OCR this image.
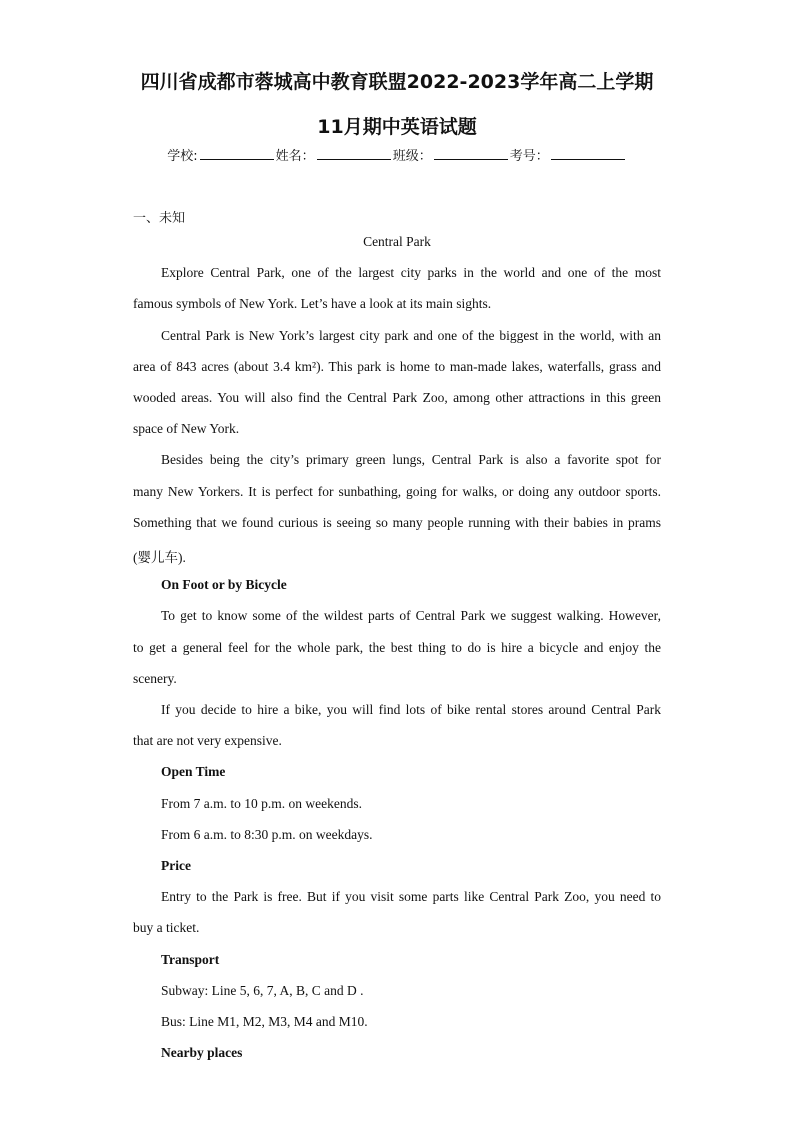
四川省成都市蓉城高中教育联盟2022-2023学年高二上学期
11月期中英语试题
学校:	姓名：	班级：	考号：
一、未知
Central Park
Explore Central Park, one of the largest city parks in the world and one of the most
famous symbols of New York. Let’s have a look at its main sights.
Central Park is New York’s largest city park and one of the biggest in the world, with an
area of 843 acres (about 3.4 km²). This park is home to man-made lakes, waterfalls, grass and
wooded areas. You will also find the Central Park Zoo, among other attractions in this green
space of New York.
Besides being the city’s primary green lungs, Central Park is also a favorite spot for
many New Yorkers. It is perfect for sunbathing, going for walks, or doing any outdoor sports.
Something that we found curious is seeing so many people running with their babies in prams
(婴儿车).
On Foot or by Bicycle
To get to know some of the wildest parts of Central Park we suggest walking. However,
to get a general feel for the whole park, the best thing to do is hire a bicycle and enjoy the
scenery.
If you decide to hire a bike, you will find lots of bike rental stores around Central Park
that are not very expensive.
Open Time
From 7 a.m. to 10 p.m. on weekends.
From 6 a.m. to 8:30 p.m. on weekdays.
Price
Entry to the Park is free. But if you visit some parts like Central Park Zoo, you need to
buy a ticket.
Transport
Subway: Line 5, 6, 7, A, B, C and D .
Bus: Line M1, M2, M3, M4 and M10.
Nearby places
